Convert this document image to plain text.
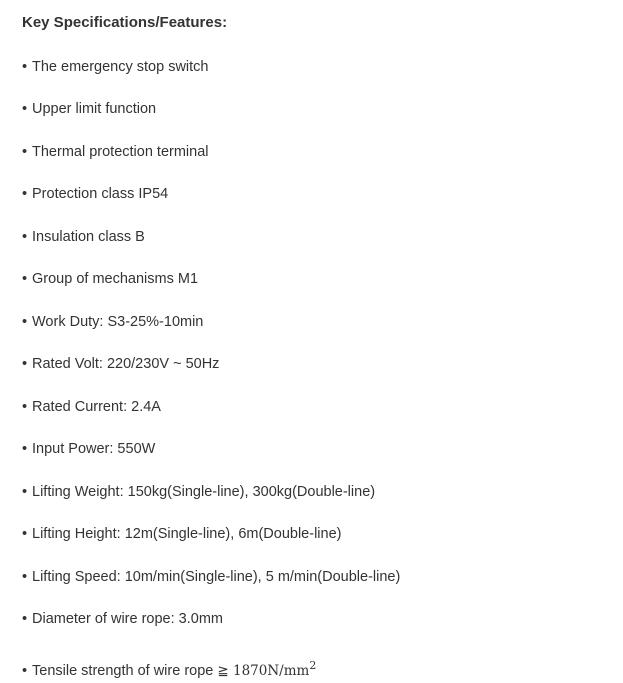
Key Specifications/Features:
• The emergency stop switch
• Upper limit function
• Thermal protection terminal
• Protection class IP54
• Insulation class B
• Group of mechanisms M1
• Work Duty: S3-25%-10min
• Rated Volt: 220/230V ~ 50Hz
• Rated Current: 2.4A
• Input Power: 550W
• Lifting Weight: 150kg(Single-line), 300kg(Double-line)
• Lifting Height: 12m(Single-line), 6m(Double-line)
• Lifting Speed: 10m/min(Single-line), 5 m/min(Double-line)
• Diameter of wire rope: 3.0mm
• Tensile strength of wire rope ≧ $1870N/mm^2$
